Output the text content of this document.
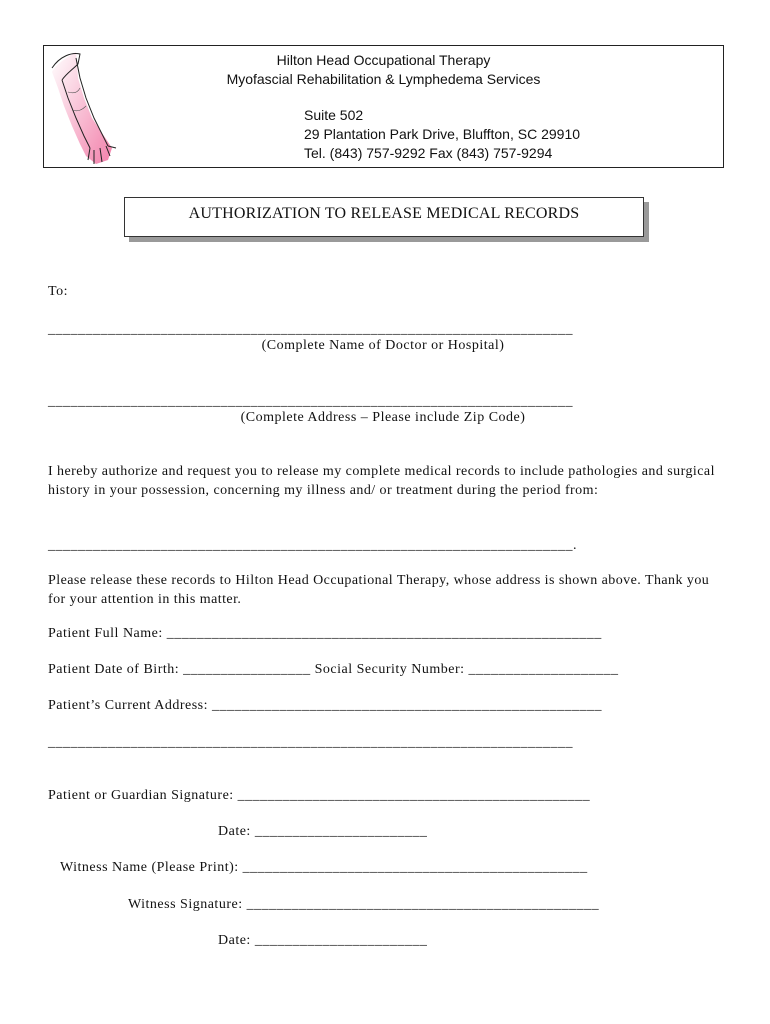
Hilton Head Occupational Therapy
Myofascial Rehabilitation & Lymphedema Services
Suite 502
29 Plantation Park Drive, Bluffton, SC 29910
Tel. (843) 757-9292 Fax (843) 757-9294
AUTHORIZATION TO RELEASE MEDICAL RECORDS
To:
______________________________________________________________________
(Complete Name of Doctor or Hospital)
______________________________________________________________________
(Complete Address – Please include Zip Code)
I hereby authorize and request you to release my complete medical records to include pathologies and surgical history in your possession, concerning my illness and/ or treatment during the period from:
______________________________________________________________________.
Please release these records to Hilton Head Occupational Therapy, whose address is shown above. Thank you for your attention in this matter.
Patient Full Name: __________________________________________________________
Patient Date of Birth: _________________ Social Security Number: ____________________
Patient’s Current Address: ____________________________________________________
______________________________________________________________________
Patient or Guardian Signature: _______________________________________________
Date: _______________________
Witness Name (Please Print): ______________________________________________
Witness Signature: _______________________________________________
Date: _______________________
